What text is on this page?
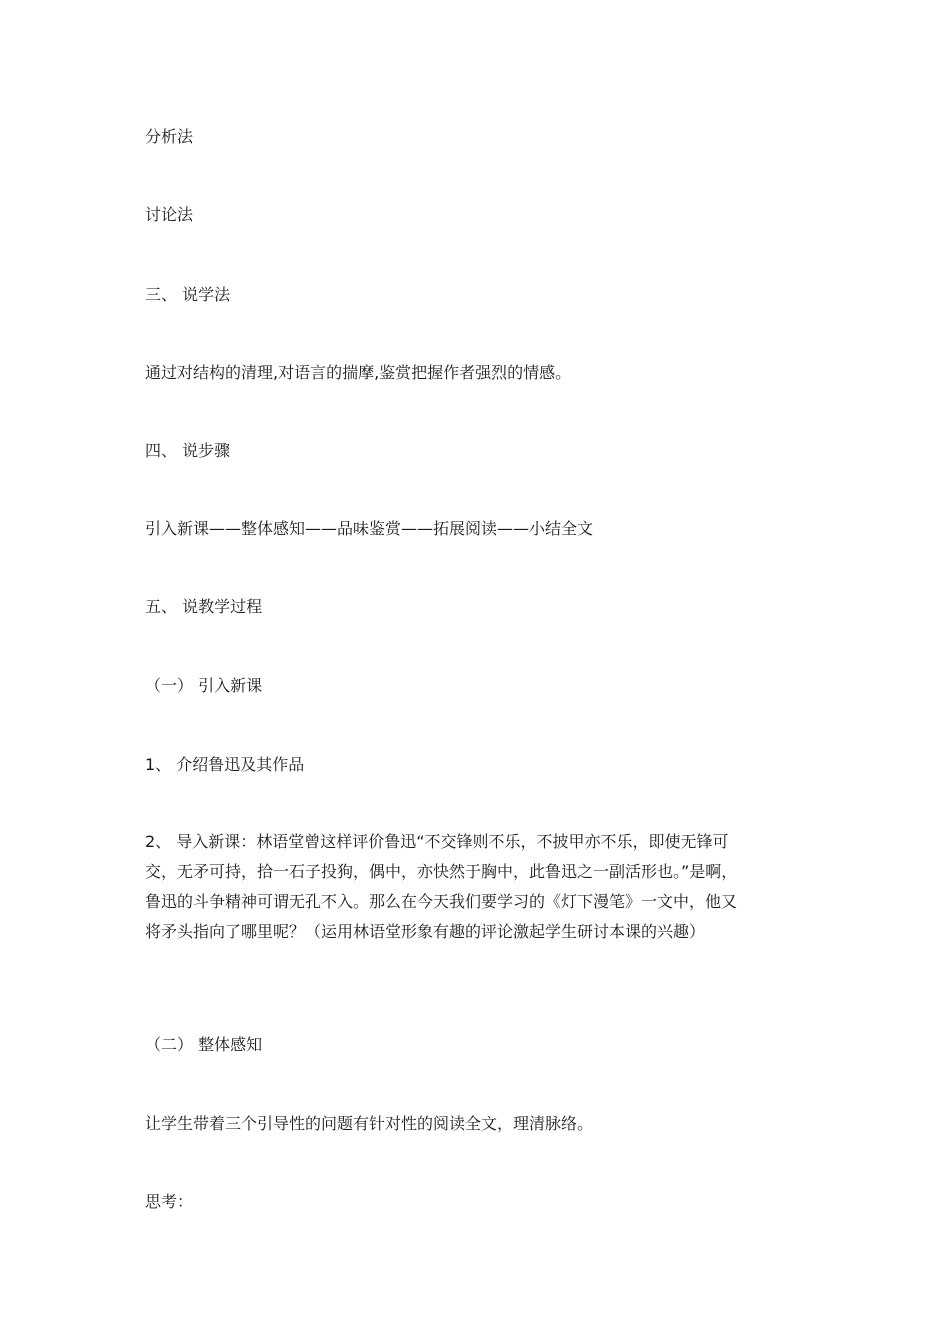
分析法
讨论法
三、 说学法
通过对结构的清理,对语言的揣摩,鉴赏把握作者强烈的情感。
四、 说步骤
引入新课——整体感知——品味鉴赏——拓展阅读——小结全文
五、 说教学过程
（一） 引入新课
1、 介绍鲁迅及其作品
2、 导入新课：林语堂曾这样评价鲁迅“不交锋则不乐，不披甲亦不乐，即使无锋可
交，无矛可持，拾一石子投狗，偶中，亦快然于胸中，此鲁迅之一副活形也。”是啊，
鲁迅的斗争精神可谓无孔不入。那么在今天我们要学习的《灯下漫笔》一文中，他又
将矛头指向了哪里呢？（运用林语堂形象有趣的评论激起学生研讨本课的兴趣）
（二） 整体感知
让学生带着三个引导性的问题有针对性的阅读全文，理清脉络。
思考：
